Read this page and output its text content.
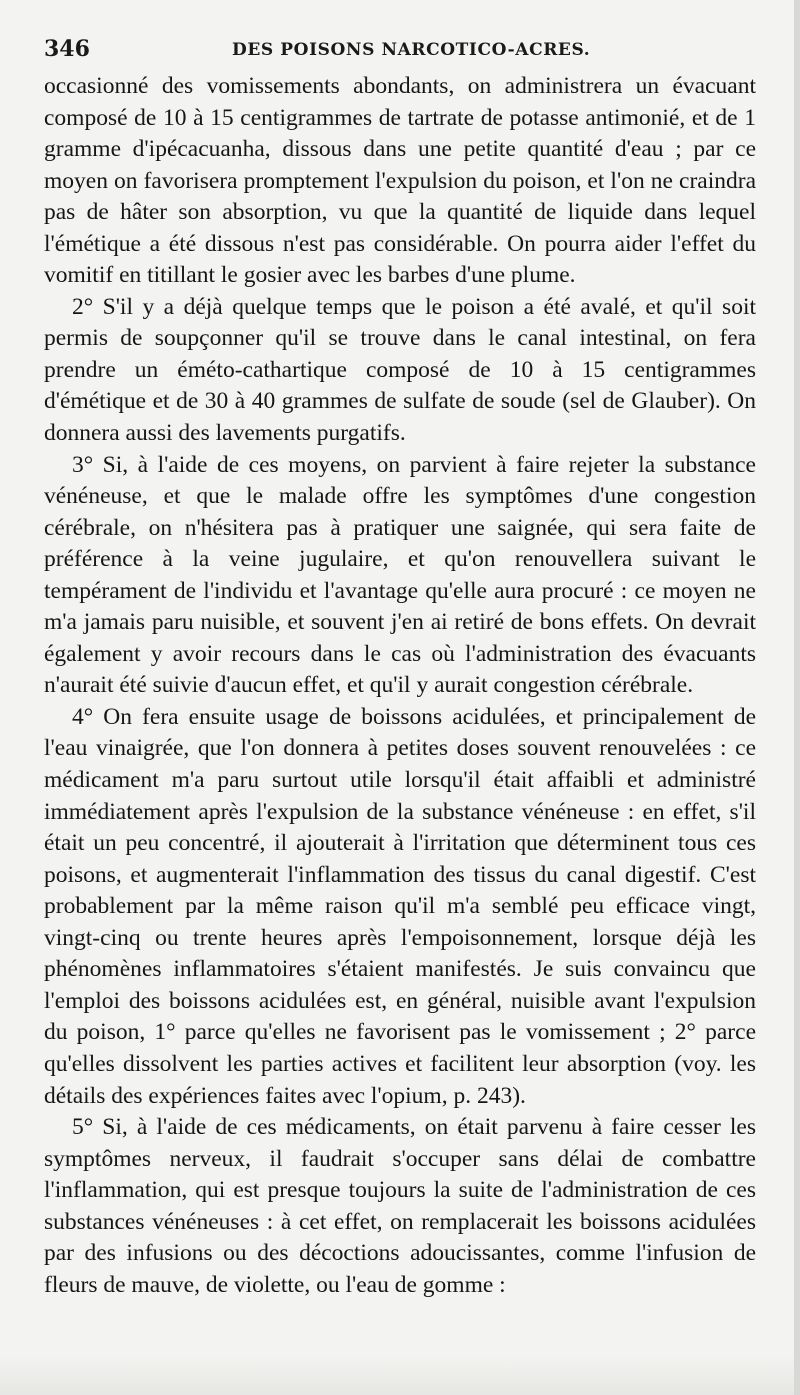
346	DES POISONS NARCOTICO-ACRES.

occasionné des vomissements abondants, on administrera un évacuant composé de 10 à 15 centigrammes de tartrate de potasse antimonié, et de 1 gramme d'ipécacuanha, dissous dans une petite quantité d'eau ; par ce moyen on favorisera promptement l'expulsion du poison, et l'on ne craindra pas de hâter son absorption, vu que la quantité de liquide dans lequel l'émétique a été dissous n'est pas considérable. On pourra aider l'effet du vomitif en titillant le gosier avec les barbes d'une plume.

2° S'il y a déjà quelque temps que le poison a été avalé, et qu'il soit permis de soupçonner qu'il se trouve dans le canal intestinal, on fera prendre un éméto-cathartique composé de 10 à 15 centigrammes d'émétique et de 30 à 40 grammes de sulfate de soude (sel de Glauber). On donnera aussi des lavements purgatifs.

3° Si, à l'aide de ces moyens, on parvient à faire rejeter la substance vénéneuse, et que le malade offre les symptômes d'une congestion cérébrale, on n'hésitera pas à pratiquer une saignée, qui sera faite de préférence à la veine jugulaire, et qu'on renouvellera suivant le tempérament de l'individu et l'avantage qu'elle aura procuré : ce moyen ne m'a jamais paru nuisible, et souvent j'en ai retiré de bons effets. On devrait également y avoir recours dans le cas où l'administration des évacuants n'aurait été suivie d'aucun effet, et qu'il y aurait congestion cérébrale.

4° On fera ensuite usage de boissons acidulées, et principalement de l'eau vinaigrée, que l'on donnera à petites doses souvent renouvelées : ce médicament m'a paru surtout utile lorsqu'il était affaibli et administré immédiatement après l'expulsion de la substance vénéneuse : en effet, s'il était un peu concentré, il ajouterait à l'irritation que déterminent tous ces poisons, et augmenterait l'inflammation des tissus du canal digestif. C'est probablement par la même raison qu'il m'a semblé peu efficace vingt, vingt-cinq ou trente heures après l'empoisonnement, lorsque déjà les phénomènes inflammatoires s'étaient manifestés. Je suis convaincu que l'emploi des boissons acidulées est, en général, nuisible avant l'expulsion du poison, 1° parce qu'elles ne favorisent pas le vomissement ; 2° parce qu'elles dissolvent les parties actives et facilitent leur absorption (voy. les détails des expériences faites avec l'opium, p. 243).

5° Si, à l'aide de ces médicaments, on était parvenu à faire cesser les symptômes nerveux, il faudrait s'occuper sans délai de combattre l'inflammation, qui est presque toujours la suite de l'administration de ces substances vénéneuses : à cet effet, on remplacerait les boissons acidulées par des infusions ou des décoctions adoucissantes, comme l'infusion de fleurs de mauve, de violette, ou l'eau de gomme :
